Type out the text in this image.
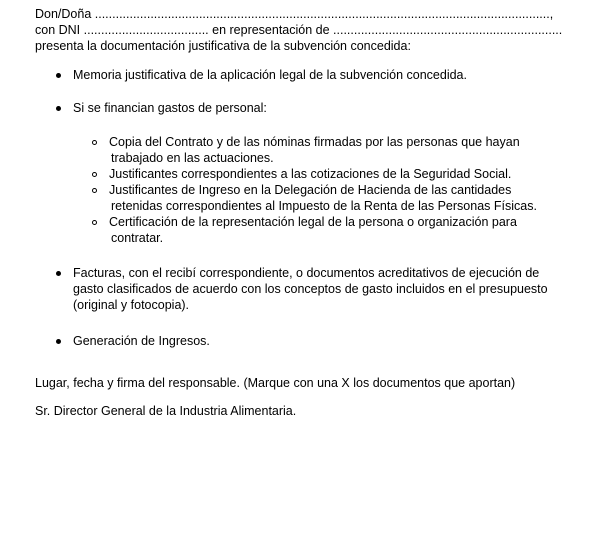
Don/Doña ...................................................................................................................................,
con DNI .................................... en representación de ..................................................................
presenta la documentación justificativa de la subvención concedida:
Memoria justificativa de la aplicación legal de la subvención concedida.
Si se financian gastos de personal:
Copia del Contrato y de las nóminas firmadas por las personas que hayan
trabajado en las actuaciones.
Justificantes correspondientes a las cotizaciones de la Seguridad Social.
Justificantes de Ingreso en la Delegación de Hacienda de las cantidades
retenidas correspondientes al Impuesto de la Renta de las Personas Físicas.
Certificación de la representación legal de la persona o organización para
contratar.
Facturas, con el recibí correspondiente, o documentos acreditativos de ejecución de
gasto clasificados de acuerdo con los conceptos de gasto incluidos en el presupuesto
(original y fotocopia).
Generación de Ingresos.
Lugar, fecha y firma del responsable. (Marque con una X los documentos que aportan)
Sr. Director General de la Industria Alimentaria.
